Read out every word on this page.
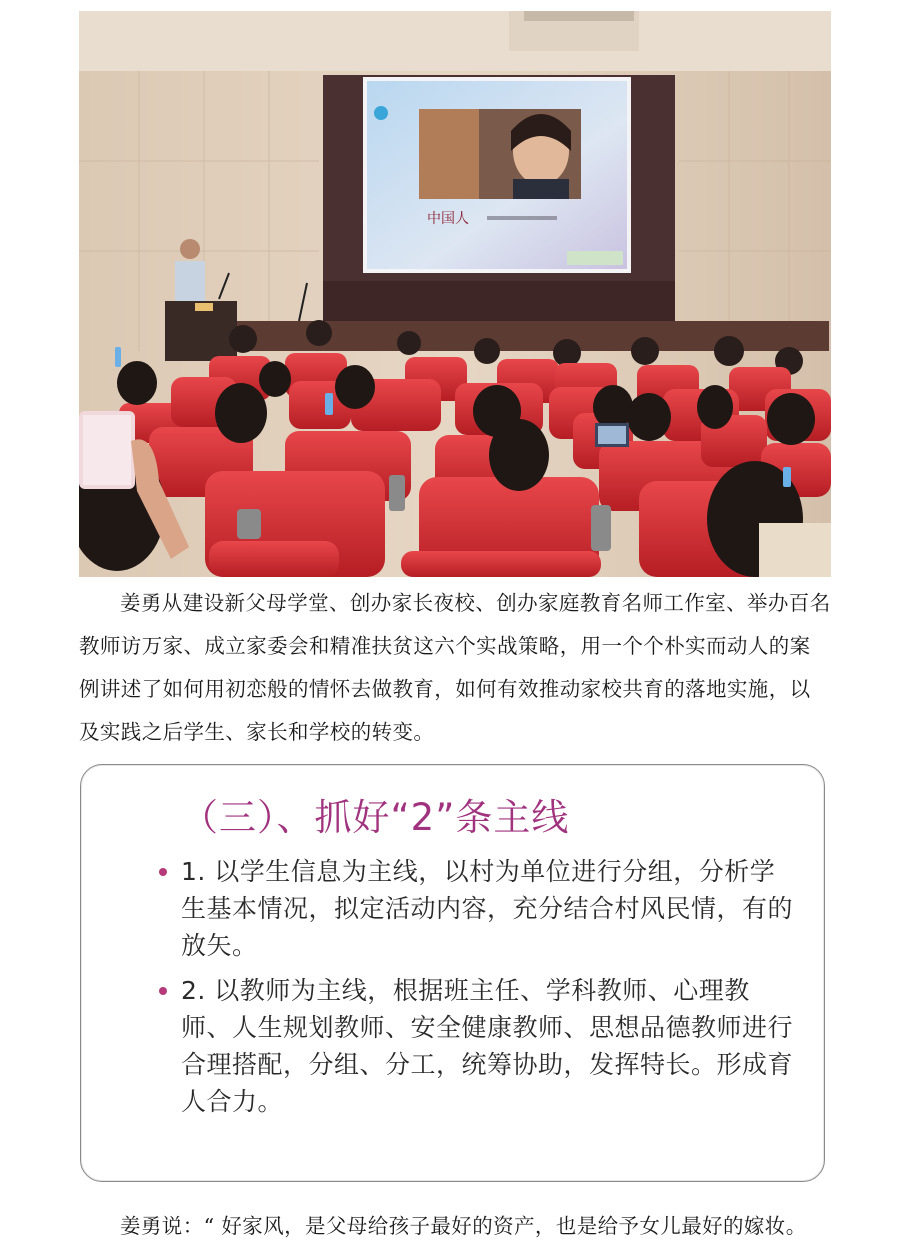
中国人

姜勇从建设新父母学堂、创办家长夜校、创办家庭教育名师工作室、举办百名教师访万家、成立家委会和精准扶贫这六个实战策略，用一个个朴实而动人的案例讲述了如何用初恋般的情怀去做教育，如何有效推动家校共育的落地实施，以及实践之后学生、家长和学校的转变。

（三）、抓好“2”条主线
1. 以学生信息为主线，以村为单位进行分组，分析学生基本情况，拟定活动内容，充分结合村风民情，有的放矢。
2. 以教师为主线，根据班主任、学科教师、心理教师、人生规划教师、安全健康教师、思想品德教师进行合理搭配，分组、分工，统筹协助，发挥特长。形成育人合力。

姜勇说：“ 好家风，是父母给孩子最好的资产，也是给予女儿最好的嫁妆。
